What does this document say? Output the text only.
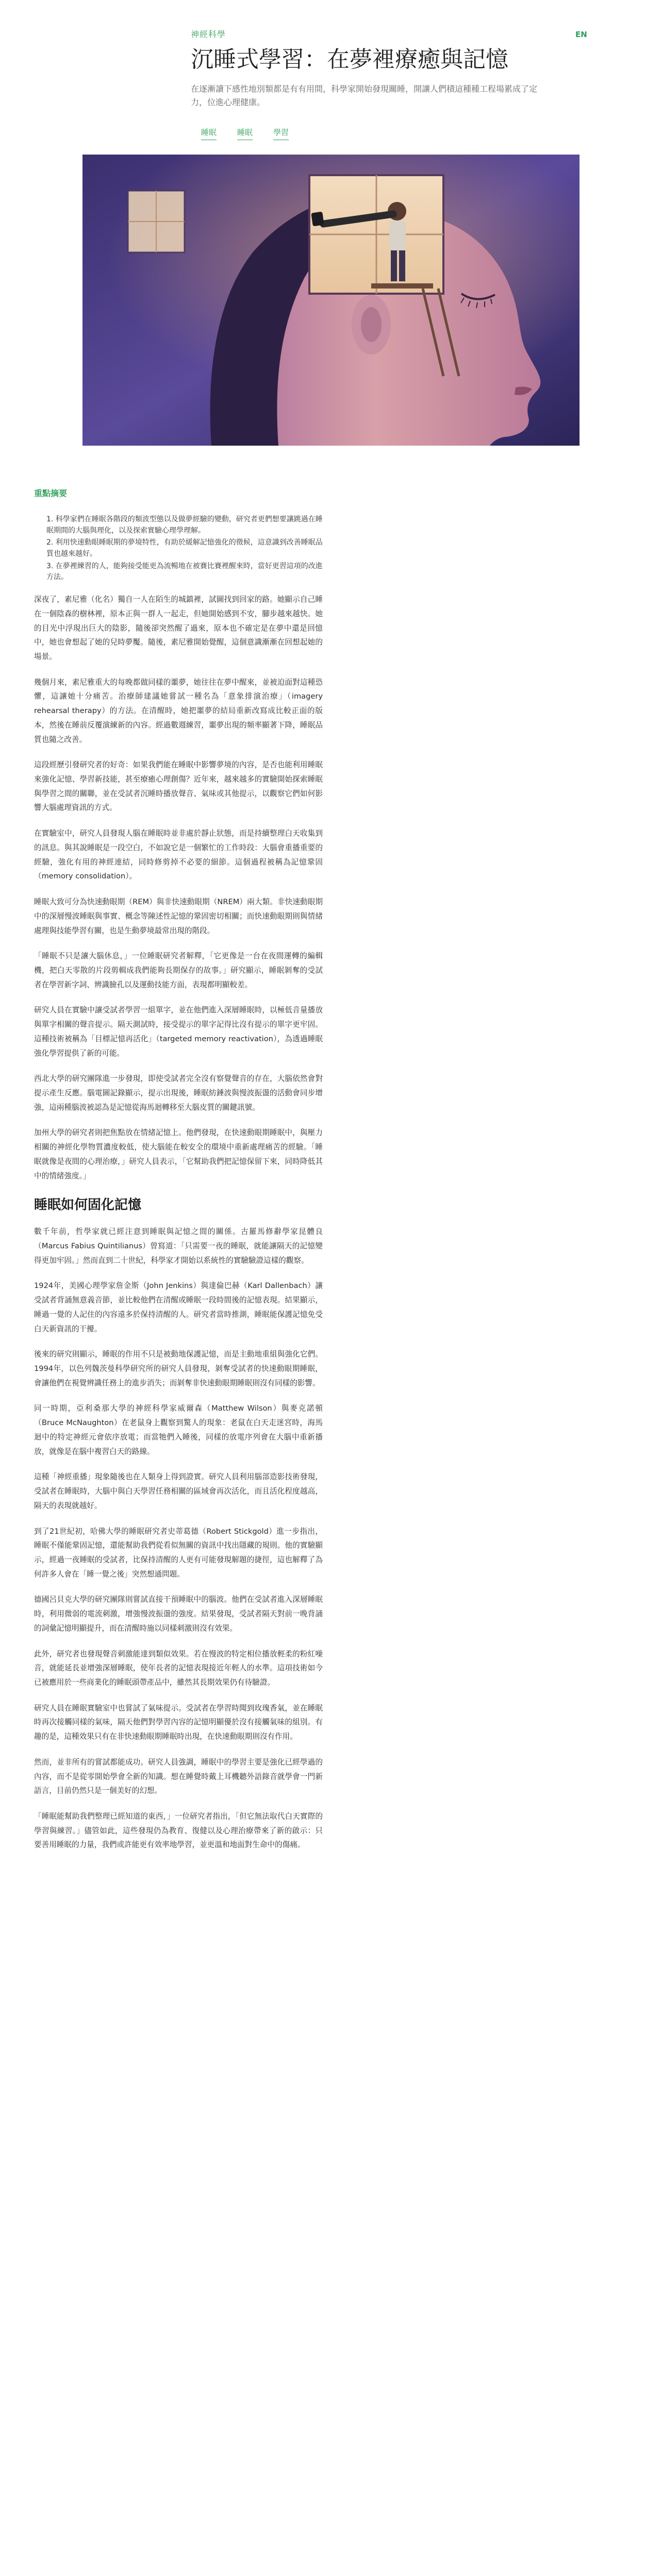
神經科學	EN
沉睡式學習：在夢裡療癒與記憶

在逐漸讀下感性地別類都是有有用間，科學家開始發現關睡，開讓人們積這種種工程場累成了定力，位進心理健康。

睡眠	睡眠	學習
重點摘要
1. 科學家們在睡眠各階段的類波型態以及做夢經驗的變動，研究者更們想要讓跳過在睡眠期間的大腦與理化，以及探索實驗心理學理解。
2. 利用快速動眼睡眠期的夢境特性，有助於緩解記憶強化的徵候，這意識到改善睡眠品質也越來越好。
3. 在夢裡練習的人，能夠接受能更為流暢地在被賽比賽裡醒來時，當好更習這項的改進方法。

深夜了，素尼雅（化名）獨自一人在陌生的城鎮裡，試圖找到回家的路。她顯示自己睡在一個陰森的樹林裡，原本正與一群人一起走，但她開始感到不安，腳步越來越快。她的目光中浮現出巨大的陰影，隨後卻突然醒了過來，原本也不確定是在夢中還是回憶中，她也會想起了她的兒時夢魘。隨後，素尼雅開始覺醒，這個意識漸漸在回想起她的場景。

幾個月來，素尼雅重大的每晚都做同樣的噩夢，她往往在夢中醒來，並被迫面對這種恐懼，這讓她十分痛苦。治療師建議她嘗試一種名為「意象排演治療」（imagery rehearsal therapy）的方法。在清醒時，她把噩夢的結局重新改寫成比較正面的版本，然後在睡前反覆演練新的內容。經過數週練習，噩夢出現的頻率顯著下降，睡眠品質也隨之改善。

這段經歷引發研究者的好奇：如果我們能在睡眠中影響夢境的內容，是否也能利用睡眠來強化記憶、學習新技能，甚至療癒心理創傷？近年來，越來越多的實驗開始探索睡眠與學習之間的關聯，並在受試者沉睡時播放聲音、氣味或其他提示，以觀察它們如何影響大腦處理資訊的方式。

在實驗室中，研究人員發現人腦在睡眠時並非處於靜止狀態，而是持續整理白天收集到的訊息。與其說睡眠是一段空白，不如說它是一個繁忙的工作時段：大腦會重播重要的經驗，強化有用的神經連結，同時修剪掉不必要的細節。這個過程被稱為記憶鞏固（memory consolidation）。

睡眠大致可分為快速動眼期（REM）與非快速動眼期（NREM）兩大類。非快速動眼期中的深層慢波睡眠與事實、概念等陳述性記憶的鞏固密切相關；而快速動眼期則與情緒處理與技能學習有關，也是生動夢境最常出現的階段。

「睡眠不只是讓大腦休息，」一位睡眠研究者解釋，「它更像是一台在夜間運轉的編輯機，把白天零散的片段剪輯成我們能夠長期保存的故事。」研究顯示，睡眠剝奪的受試者在學習新字詞、辨識臉孔以及運動技能方面，表現都明顯較差。

研究人員在實驗中讓受試者學習一組單字，並在他們進入深層睡眠時，以極低音量播放與單字相關的聲音提示。隔天測試時，接受提示的單字記得比沒有提示的單字更牢固。這種技術被稱為「目標記憶再活化」（targeted memory reactivation），為透過睡眠強化學習提供了新的可能。

西北大學的研究團隊進一步發現，即使受試者完全沒有察覺聲音的存在，大腦依然會對提示產生反應。腦電圖記錄顯示，提示出現後，睡眠紡錘波與慢波振盪的活動會同步增強，這兩種腦波被認為是記憶從海馬迴轉移至大腦皮質的關鍵訊號。

加州大學的研究者則把焦點放在情緒記憶上。他們發現，在快速動眼期睡眠中，與壓力相關的神經化學物質濃度較低，使大腦能在較安全的環境中重新處理痛苦的經驗。「睡眠就像是夜間的心理治療，」研究人員表示，「它幫助我們把記憶保留下來，同時降低其中的情緒強度。」

睡眠如何固化記憶

數千年前，哲學家就已經注意到睡眠與記憶之間的關係。古羅馬修辭學家昆體良（Marcus Fabius Quintilianus）曾寫道：「只需要一夜的睡眠，就能讓隔天的記憶變得更加牢固。」然而直到二十世紀，科學家才開始以系統性的實驗驗證這樣的觀察。

1924年，美國心理學家詹金斯（John Jenkins）與達倫巴赫（Karl Dallenbach）讓受試者背誦無意義音節，並比較他們在清醒或睡眠一段時間後的記憶表現。結果顯示，睡過一覺的人記住的內容遠多於保持清醒的人。研究者當時推測，睡眠能保護記憶免受白天新資訊的干擾。

後來的研究則顯示，睡眠的作用不只是被動地保護記憶，而是主動地重組與強化它們。1994年，以色列魏茨曼科學研究所的研究人員發現，剝奪受試者的快速動眼期睡眠，會讓他們在視覺辨識任務上的進步消失；而剝奪非快速動眼期睡眠則沒有同樣的影響。

同一時期，亞利桑那大學的神經科學家威爾森（Matthew Wilson）與麥克諾頓（Bruce McNaughton）在老鼠身上觀察到驚人的現象：老鼠在白天走迷宮時，海馬迴中的特定神經元會依序放電；而當牠們入睡後，同樣的放電序列會在大腦中重新播放，就像是在腦中複習白天的路線。

這種「神經重播」現象隨後也在人類身上得到證實。研究人員利用腦部造影技術發現，受試者在睡眠時，大腦中與白天學習任務相關的區域會再次活化，而且活化程度越高，隔天的表現就越好。

到了21世紀初，哈佛大學的睡眠研究者史蒂葛德（Robert Stickgold）進一步指出，睡眠不僅能鞏固記憶，還能幫助我們從看似無關的資訊中找出隱藏的規則。他的實驗顯示，經過一夜睡眠的受試者，比保持清醒的人更有可能發現解題的捷徑，這也解釋了為何許多人會在「睡一覺之後」突然想通問題。

德國呂貝克大學的研究團隊則嘗試直接干預睡眠中的腦波。他們在受試者進入深層睡眠時，利用微弱的電流刺激，增強慢波振盪的強度。結果發現，受試者隔天對前一晚背誦的詞彙記憶明顯提升，而在清醒時施以同樣刺激則沒有效果。

此外，研究者也發現聲音刺激能達到類似效果。若在慢波的特定相位播放輕柔的粉紅噪音，就能延長並增強深層睡眠，使年長者的記憶表現接近年輕人的水準。這項技術如今已被應用於一些商業化的睡眠頭帶產品中，雖然其長期效果仍有待驗證。

研究人員在睡眠實驗室中也嘗試了氣味提示。受試者在學習時聞到玫瑰香氣，並在睡眠時再次接觸同樣的氣味，隔天他們對學習內容的記憶明顯優於沒有接觸氣味的組別。有趣的是，這種效果只有在非快速動眼期睡眠時出現，在快速動眼期則沒有作用。

然而，並非所有的嘗試都能成功。研究人員強調，睡眠中的學習主要是強化已經學過的內容，而不是從零開始學會全新的知識。想在睡覺時戴上耳機聽外語錄音就學會一門新語言，目前仍然只是一個美好的幻想。

「睡眠能幫助我們整理已經知道的東西，」一位研究者指出，「但它無法取代白天實際的學習與練習。」儘管如此，這些發現仍為教育、復健以及心理治療帶來了新的啟示：只要善用睡眠的力量，我們或許能更有效率地學習，並更溫和地面對生命中的傷痛。
